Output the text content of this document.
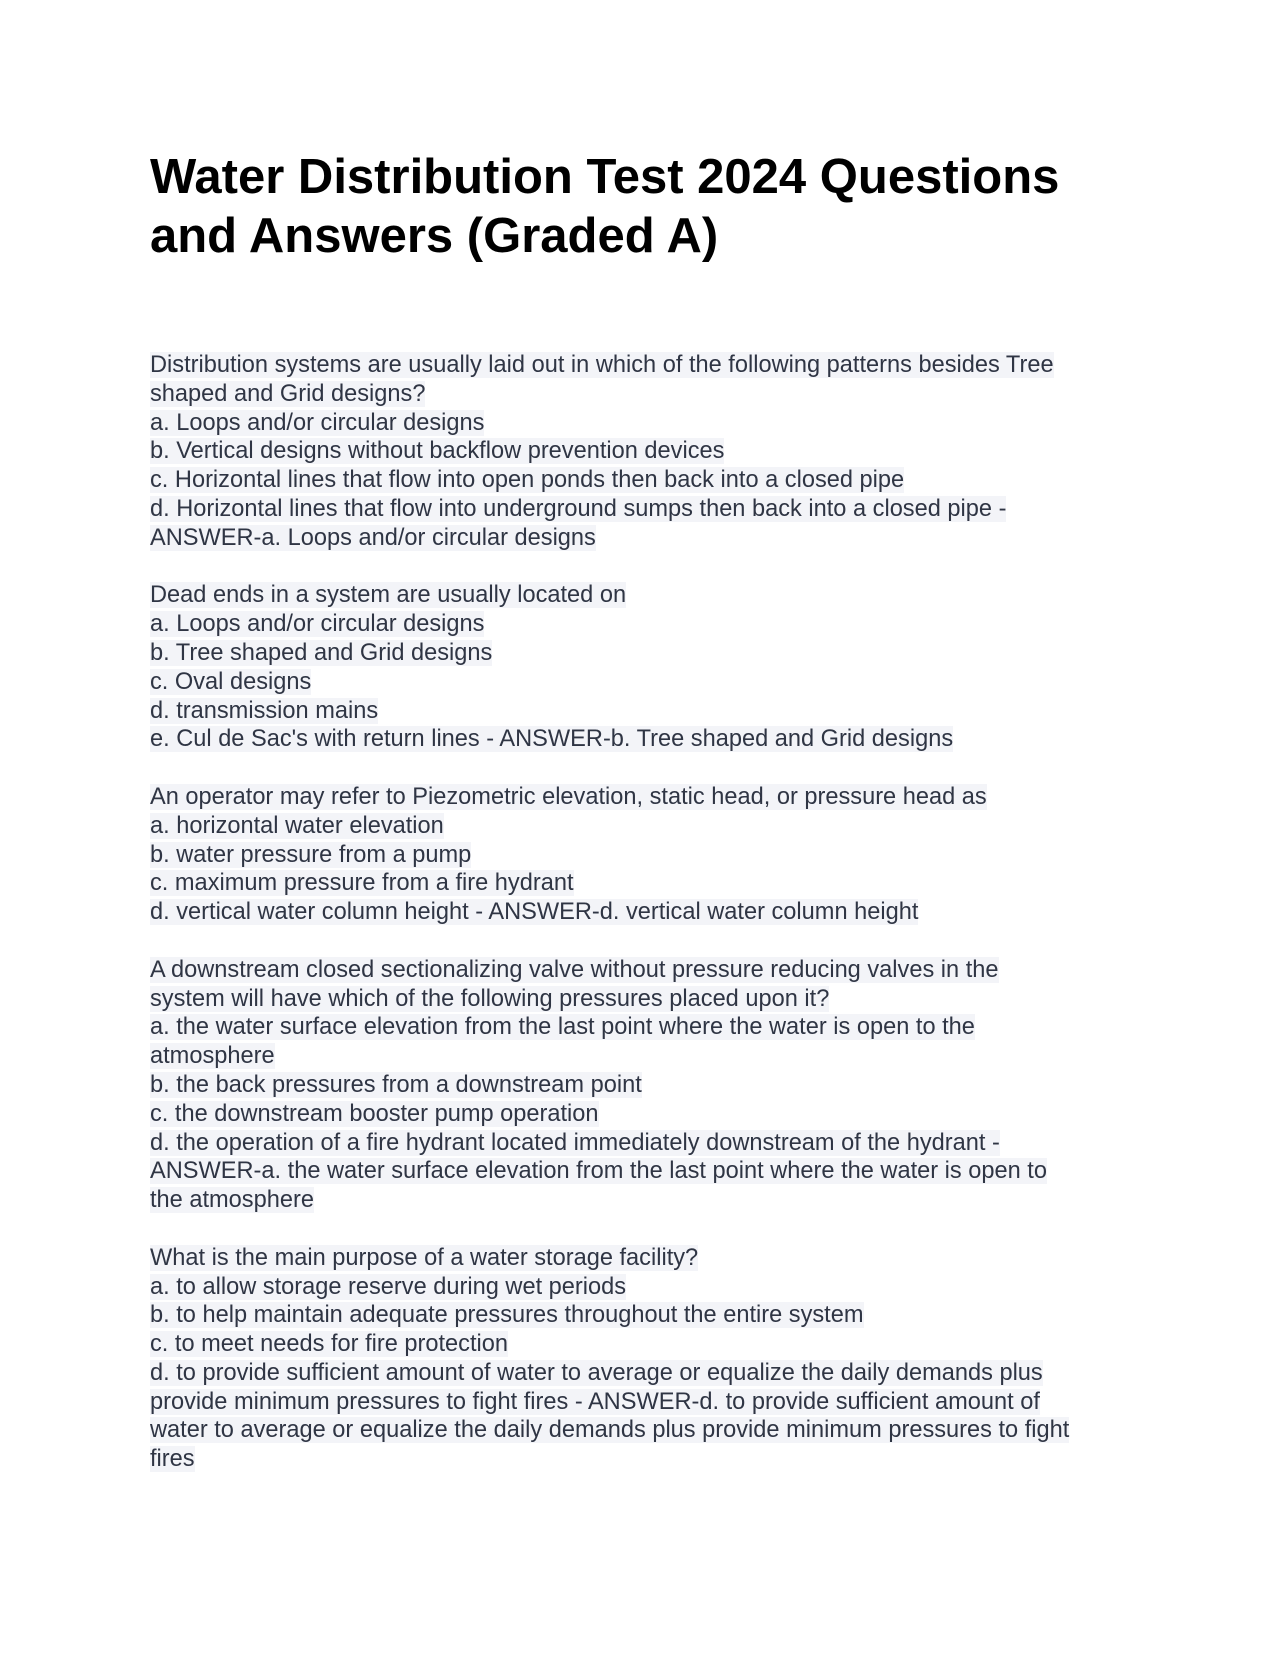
Water Distribution Test 2024 Questions
and Answers (Graded A)
Distribution systems are usually laid out in which of the following patterns besides Tree
shaped and Grid designs?
a. Loops and/or circular designs
b. Vertical designs without backflow prevention devices
c. Horizontal lines that flow into open ponds then back into a closed pipe
d. Horizontal lines that flow into underground sumps then back into a closed pipe -
ANSWER-a. Loops and/or circular designs
Dead ends in a system are usually located on
a. Loops and/or circular designs
b. Tree shaped and Grid designs
c. Oval designs
d. transmission mains
e. Cul de Sac's with return lines - ANSWER-b. Tree shaped and Grid designs
An operator may refer to Piezometric elevation, static head, or pressure head as
a. horizontal water elevation
b. water pressure from a pump
c. maximum pressure from a fire hydrant
d. vertical water column height - ANSWER-d. vertical water column height
A downstream closed sectionalizing valve without pressure reducing valves in the
system will have which of the following pressures placed upon it?
a. the water surface elevation from the last point where the water is open to the
atmosphere
b. the back pressures from a downstream point
c. the downstream booster pump operation
d. the operation of a fire hydrant located immediately downstream of the hydrant -
ANSWER-a. the water surface elevation from the last point where the water is open to
the atmosphere
What is the main purpose of a water storage facility?
a. to allow storage reserve during wet periods
b. to help maintain adequate pressures throughout the entire system
c. to meet needs for fire protection
d. to provide sufficient amount of water to average or equalize the daily demands plus
provide minimum pressures to fight fires - ANSWER-d. to provide sufficient amount of
water to average or equalize the daily demands plus provide minimum pressures to fight
fires
